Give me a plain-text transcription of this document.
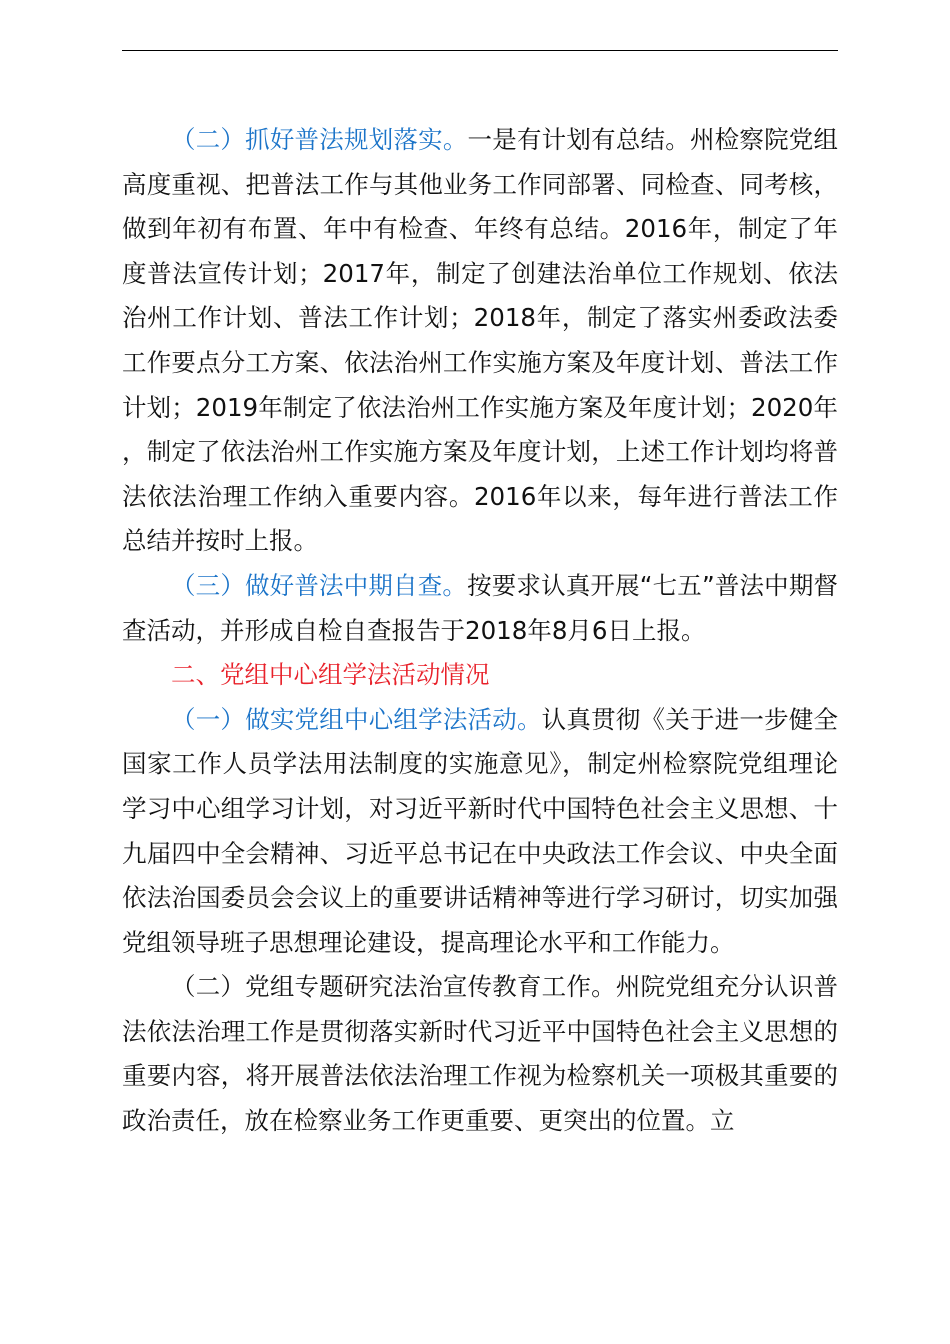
（二）抓好普法规划落实。一是有计划有总结。州检察院党组高度重视、把普法工作与其他业务工作同部署、同检查、同考核，做到年初有布置、年中有检查、年终有总结。2016年，制定了年度普法宣传计划；2017年，制定了创建法治单位工作规划、依法治州工作计划、普法工作计划；2018年，制定了落实州委政法委工作要点分工方案、依法治州工作实施方案及年度计划、普法工作计划；2019年制定了依法治州工作实施方案及年度计划；2020年，制定了依法治州工作实施方案及年度计划，上述工作计划均将普法依法治理工作纳入重要内容。2016年以来，每年进行普法工作总结并按时上报。

（三）做好普法中期自查。按要求认真开展“七五”普法中期督查活动，并形成自检自查报告于2018年8月6日上报。

二、党组中心组学法活动情况

（一）做实党组中心组学法活动。认真贯彻《关于进一步健全国家工作人员学法用法制度的实施意见》，制定州检察院党组理论学习中心组学习计划，对习近平新时代中国特色社会主义思想、十九届四中全会精神、习近平总书记在中央政法工作会议、中央全面依法治国委员会会议上的重要讲话精神等进行学习研讨，切实加强党组领导班子思想理论建设，提高理论水平和工作能力。

（二）党组专题研究法治宣传教育工作。州院党组充分认识普法依法治理工作是贯彻落实新时代习近平中国特色社会主义思想的重要内容，将开展普法依法治理工作视为检察机关一项极其重要的政治责任，放在检察业务工作更重要、更突出的位置。立
